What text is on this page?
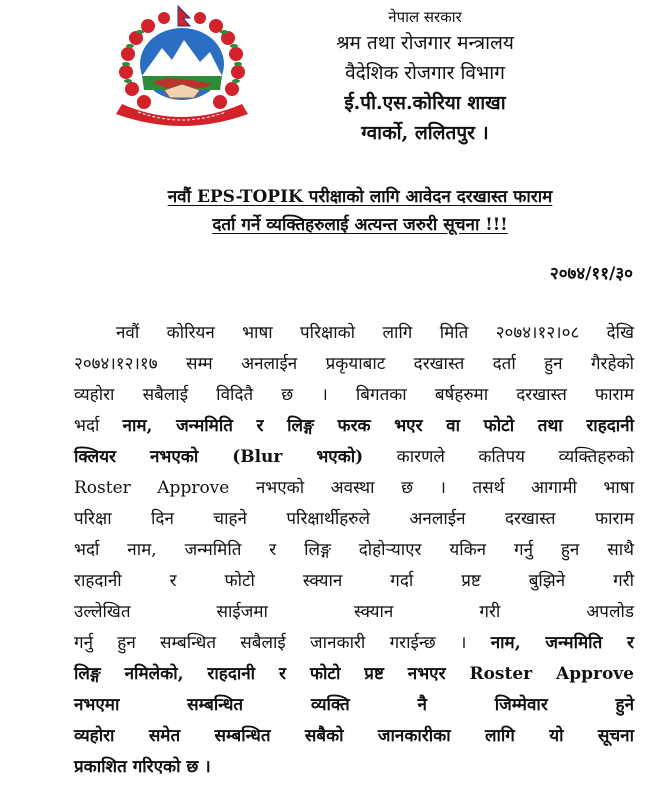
नेपाल सरकार
श्रम तथा रोजगार मन्त्रालय
वैदेशिक रोजगार विभाग
ई.पी.एस.कोरिया शाखा
ग्वार्को, ललितपुर ।
नवौं EPS-TOPIK परीक्षाको लागि आवेदन दरखास्त फाराम
दर्ता गर्ने व्यक्तिहरुलाई अत्यन्त जरुरी सूचना !!!
२०७४/११/३०
नवौं कोरियन भाषा परिक्षाको लागि मिति २०७४।१२।०८ देखि
२०७४।१२।१७ सम्म अनलाईन प्रकृयाबाट दरखास्त दर्ता हुन गैरहेको
व्यहोरा सबैलाई विदितै छ । बिगतका बर्षहरुमा दरखास्त फाराम
भर्दा नाम, जन्ममिति र लिङ्ग फरक भएर वा फोटो तथा राहदानी
क्लियर नभएको (Blur भएको) कारणले कतिपय व्यक्तिहरुको
Roster Approve नभएको अवस्था छ । तसर्थ आगामी भाषा
परिक्षा दिन चाहने परिक्षार्थीहरुले अनलाईन दरखास्त फाराम
भर्दा नाम, जन्ममिति र लिङ्ग दोहोऱ्याएर यकिन गर्नु हुन साथै
राहदानी र फोटो स्क्यान गर्दा प्रष्ट बुझिने गरी
उल्लेखित साईजमा स्क्यान गरी अपलोड
गर्नु हुन सम्बन्धित सबैलाई जानकारी गराईन्छ । नाम, जन्ममिति र
लिङ्ग नमिलेको, राहदानी र फोटो प्रष्ट नभएर Roster Approve
नभएमा सम्बन्धित व्यक्ति नै जिम्मेवार हुने
व्यहोरा समेत सम्बन्धित सबैको जानकारीका लागि यो सूचना
प्रकाशित गरिएको छ ।
